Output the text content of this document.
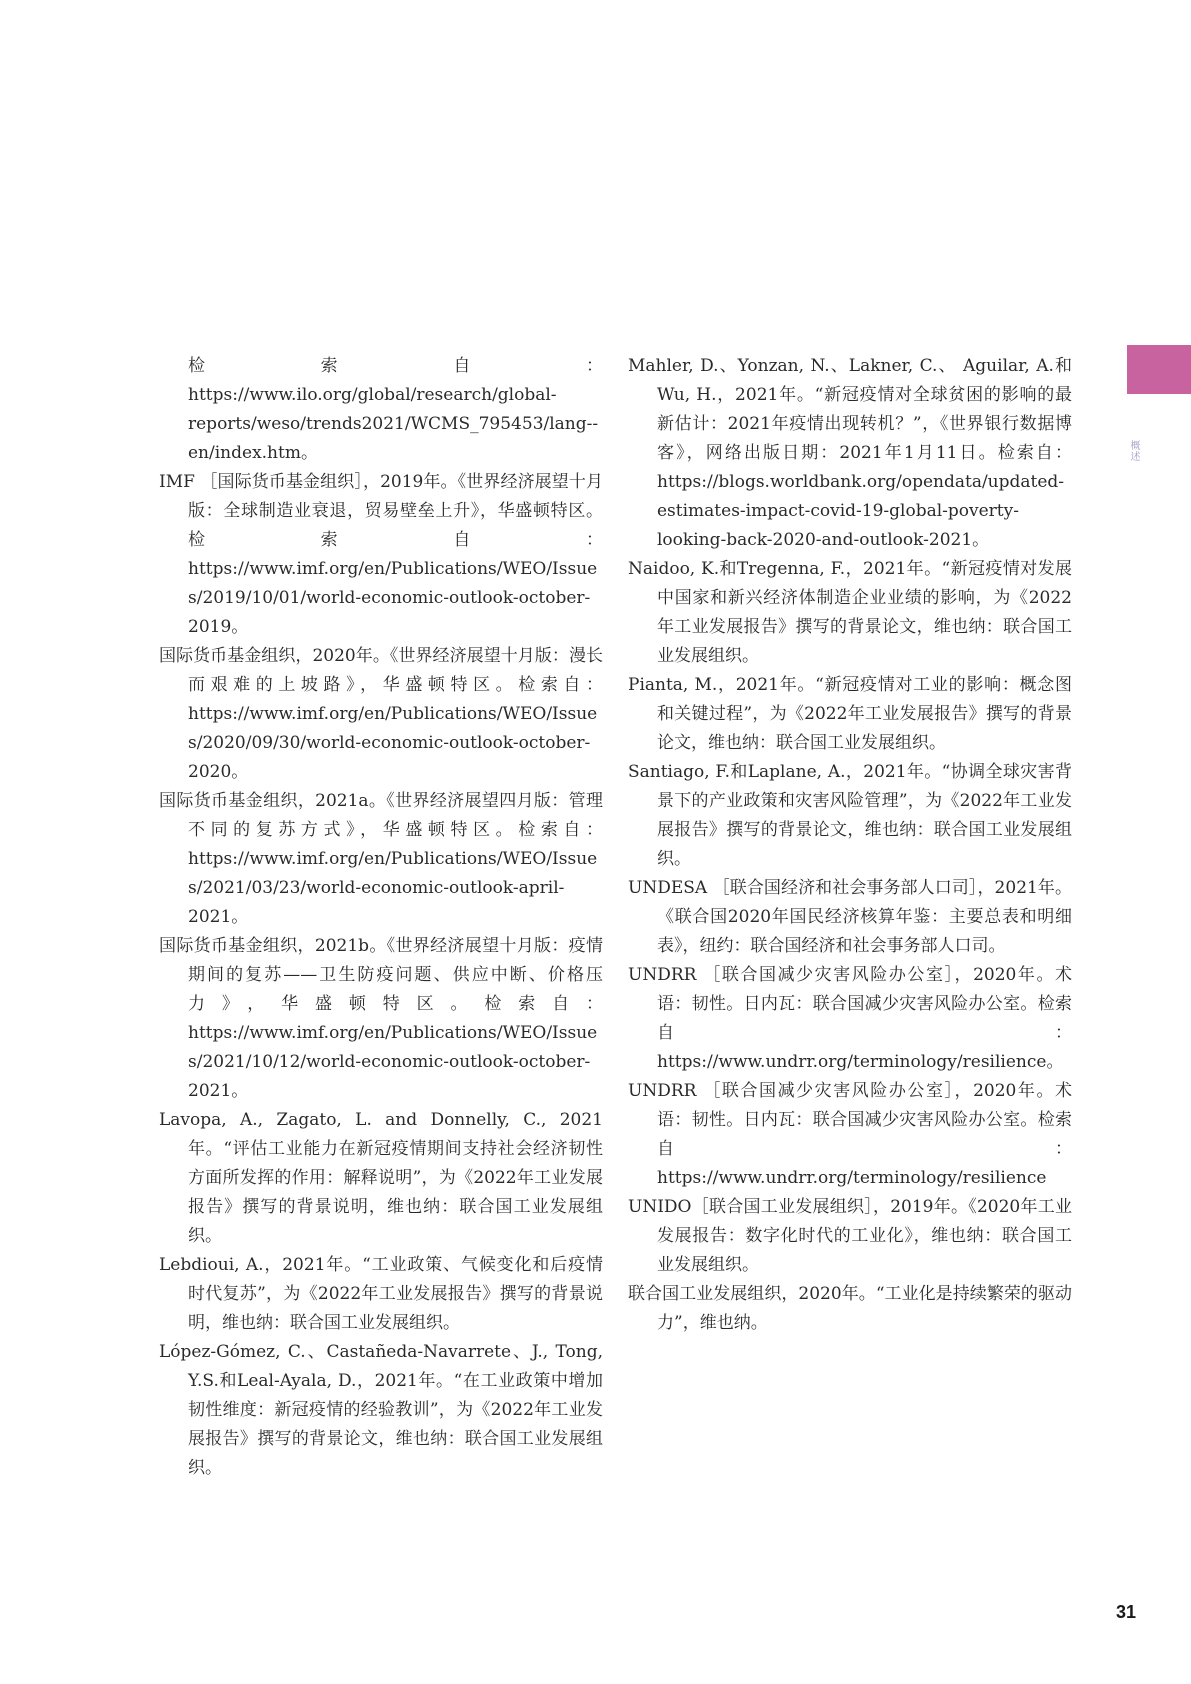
概述
检索自：https://www.ilo.org/global/research/global-reports/weso/trends2021/WCMS_795453/lang--en/index.htm。
IMF ［国际货币基金组织］，2019年。《世界经济展望十月版：全球制造业衰退，贸易壁垒上升》，华盛顿特区。检索自：https://www.imf.org/en/Publications/WEO/Issues/2019/10/01/world-economic-outlook-october-2019。
国际货币基金组织，2020年。《世界经济展望十月版：漫长而艰难的上坡路》，华盛顿特区。检索自：https://www.imf.org/en/Publications/WEO/Issues/2020/09/30/world-economic-outlook-october-2020。
国际货币基金组织，2021a。《世界经济展望四月版：管理不同的复苏方式》，华盛顿特区。检索自：https://www.imf.org/en/Publications/WEO/Issues/2021/03/23/world-economic-outlook-april-2021。
国际货币基金组织，2021b。《世界经济展望十月版：疫情期间的复苏——卫生防疫问题、供应中断、价格压力》，华盛顿特区。检索自：https://www.imf.org/en/Publications/WEO/Issues/2021/10/12/world-economic-outlook-october-2021。
Lavopa, A., Zagato, L. and Donnelly, C., 2021年。“评估工业能力在新冠疫情期间支持社会经济韧性方面所发挥的作用：解释说明”，为《2022年工业发展报告》撰写的背景说明，维也纳：联合国工业发展组织。
Lebdioui, A.，2021年。“工业政策、气候变化和后疫情时代复苏”，为《2022年工业发展报告》撰写的背景说明，维也纳：联合国工业发展组织。
López-Gómez, C.、Castañeda-Navarrete、J., Tong, Y.S.和Leal-Ayala, D.，2021年。“在工业政策中增加韧性维度：新冠疫情的经验教训”，为《2022年工业发展报告》撰写的背景论文，维也纳：联合国工业发展组织。
Mahler, D.、Yonzan, N.、Lakner, C.、 Aguilar, A.和Wu, H.，2021年。“新冠疫情对全球贫困的影响的最新估计：2021年疫情出现转机？”，《世界银行数据博客》，网络出版日期：2021年1月11日。检索自：https://blogs.worldbank.org/opendata/updated-estimates-impact-covid-19-global-poverty-looking-back-2020-and-outlook-2021。
Naidoo, K.和Tregenna, F.，2021年。“新冠疫情对发展中国家和新兴经济体制造企业业绩的影响，为《2022年工业发展报告》撰写的背景论文，维也纳：联合国工业发展组织。
Pianta, M.，2021年。“新冠疫情对工业的影响：概念图和关键过程”，为《2022年工业发展报告》撰写的背景论文，维也纳：联合国工业发展组织。
Santiago, F.和Laplane, A.，2021年。“协调全球灾害背景下的产业政策和灾害风险管理”，为《2022年工业发展报告》撰写的背景论文，维也纳：联合国工业发展组织。
UNDESA ［联合国经济和社会事务部人口司］，2021年。《联合国2020年国民经济核算年鉴：主要总表和明细表》，纽约：联合国经济和社会事务部人口司。
UNDRR ［联合国减少灾害风险办公室］，2020年。术语：韧性。日内瓦：联合国减少灾害风险办公室。检索自：https://www.undrr.org/terminology/resilience。
UNDRR ［联合国减少灾害风险办公室］，2020年。术语：韧性。日内瓦：联合国减少灾害风险办公室。检索自：https://www.undrr.org/terminology/resilience
UNIDO［联合国工业发展组织］，2019年。《2020年工业发展报告：数字化时代的工业化》，维也纳：联合国工业发展组织。
联合国工业发展组织，2020年。“工业化是持续繁荣的驱动力”，维也纳。
31
